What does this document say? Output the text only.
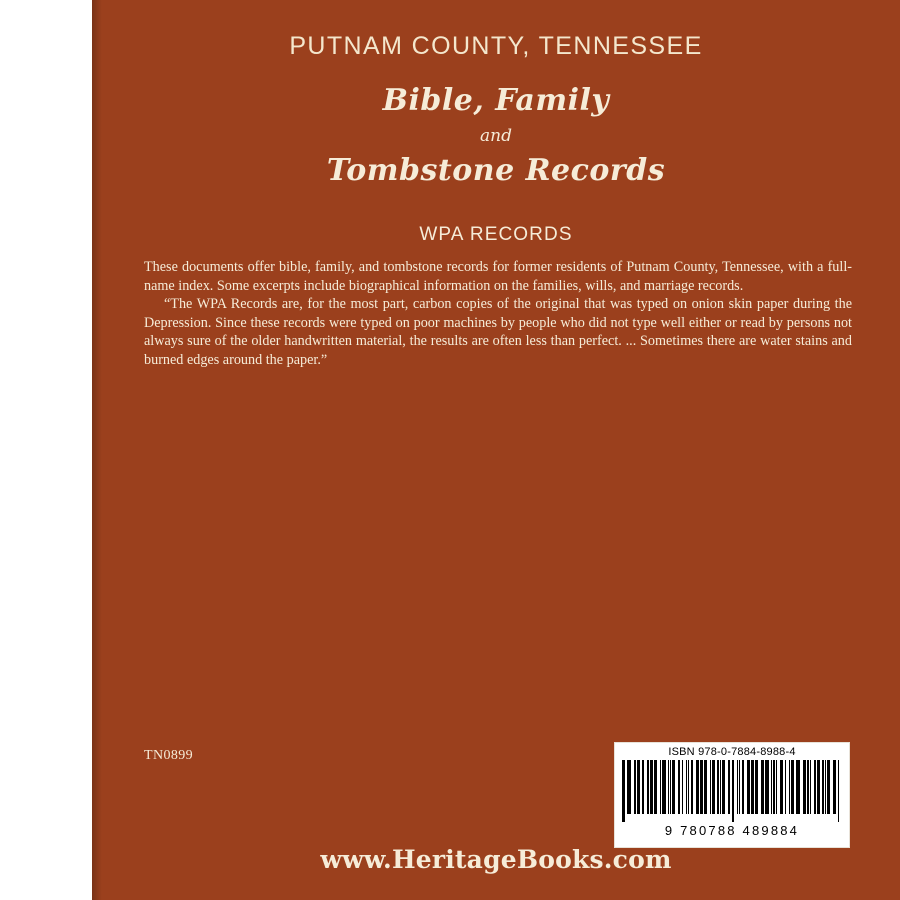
PUTNAM COUNTY, TENNESSEE
Bible, Family
and
Tombstone Records
WPA RECORDS

These documents offer bible, family, and tombstone records for former residents of Putnam County, Tennessee, with a full-name index. Some excerpts include biographical information on the families, wills, and marriage records.

“The WPA Records are, for the most part, carbon copies of the original that was typed on onion skin paper during the Depression. Since these records were typed on poor machines by people who did not type well either or read by persons not always sure of the older handwritten material, the results are often less than perfect. ... Sometimes there are water stains and burned edges around the paper.”

TN0899	ISBN 978-0-7884-8988-4
9 780788 489884
www.HeritageBooks.com
